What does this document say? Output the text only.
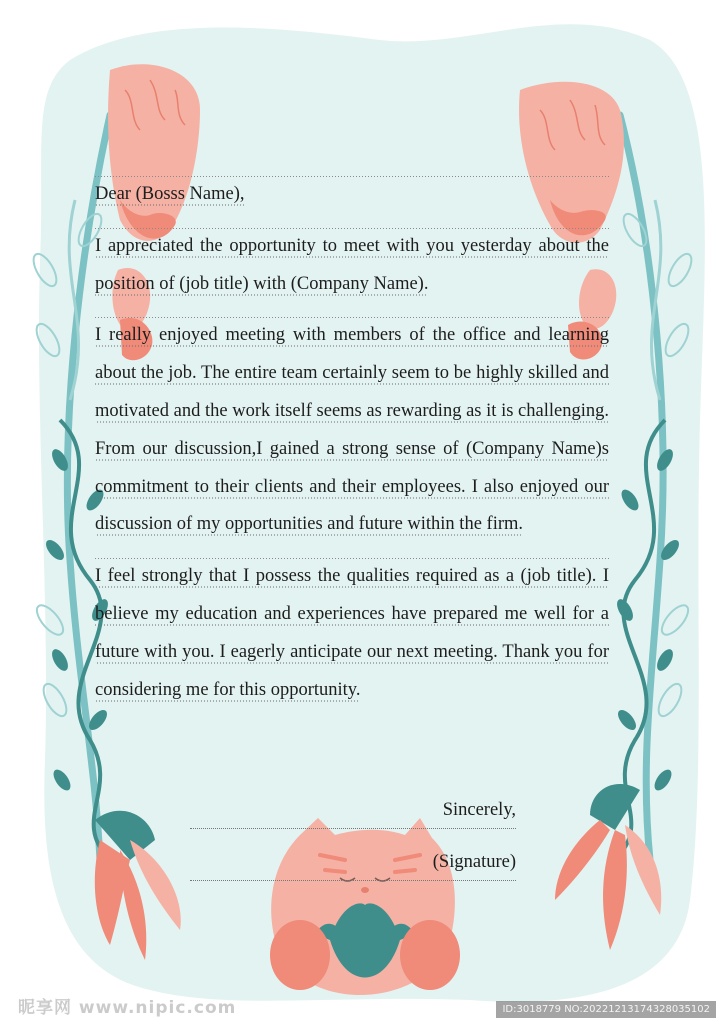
Dear (Bosss Name),

I appreciated the opportunity to meet with you yesterday about the position of (job title) with (Company Name).

I really enjoyed meeting with members of the office and learning about the job. The entire team certainly seem to be highly skilled and motivated and the work itself seems as rewarding as it is challenging. From our discussion,I gained a strong sense of (Company Name)s commitment to their clients and their employees. I also enjoyed our discussion of my opportunities and future within the firm.

I feel strongly that I possess the qualities required as a (job title). I believe my education and experiences have prepared me well for a future with you. I eagerly anticipate our next meeting. Thank you for considering me for this opportunity.

Sincerely,
(Signature)
昵享网 www.nipic.com	ID:3018779 NO:20221213174328035102
